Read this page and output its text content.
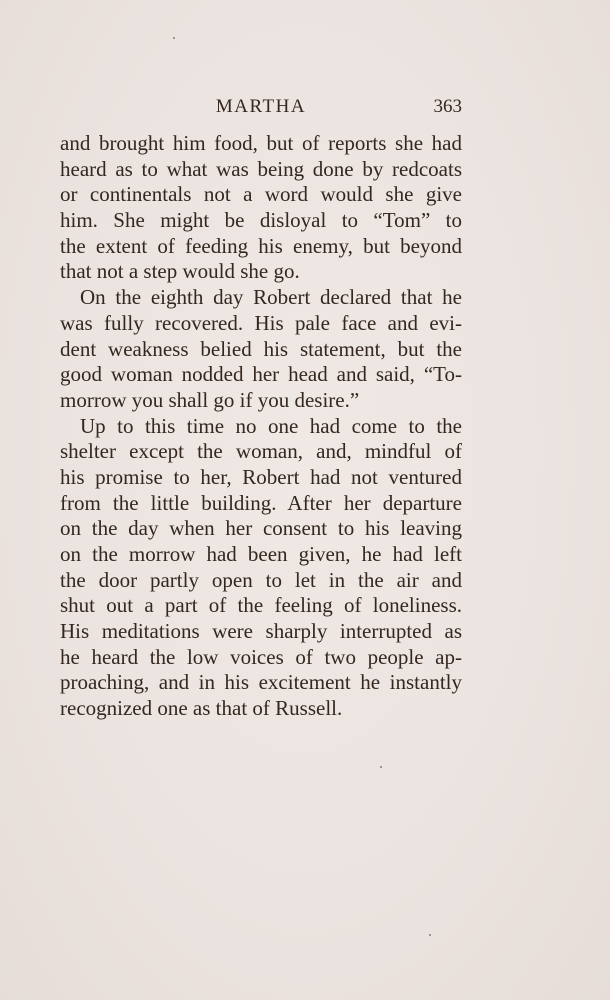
MARTHA	363
and brought him food, but of reports she had
heard as to what was being done by redcoats
or continentals not a word would she give
him. She might be disloyal to “Tom” to
the extent of feeding his enemy, but beyond
that not a step would she go.
On the eighth day Robert declared that he
was fully recovered. His pale face and evi-
dent weakness belied his statement, but the
good woman nodded her head and said, “To-
morrow you shall go if you desire.”
Up to this time no one had come to the
shelter except the woman, and, mindful of
his promise to her, Robert had not ventured
from the little building. After her departure
on the day when her consent to his leaving
on the morrow had been given, he had left
the door partly open to let in the air and
shut out a part of the feeling of loneliness.
His meditations were sharply interrupted as
he heard the low voices of two people ap-
proaching, and in his excitement he instantly
recognized one as that of Russell.
